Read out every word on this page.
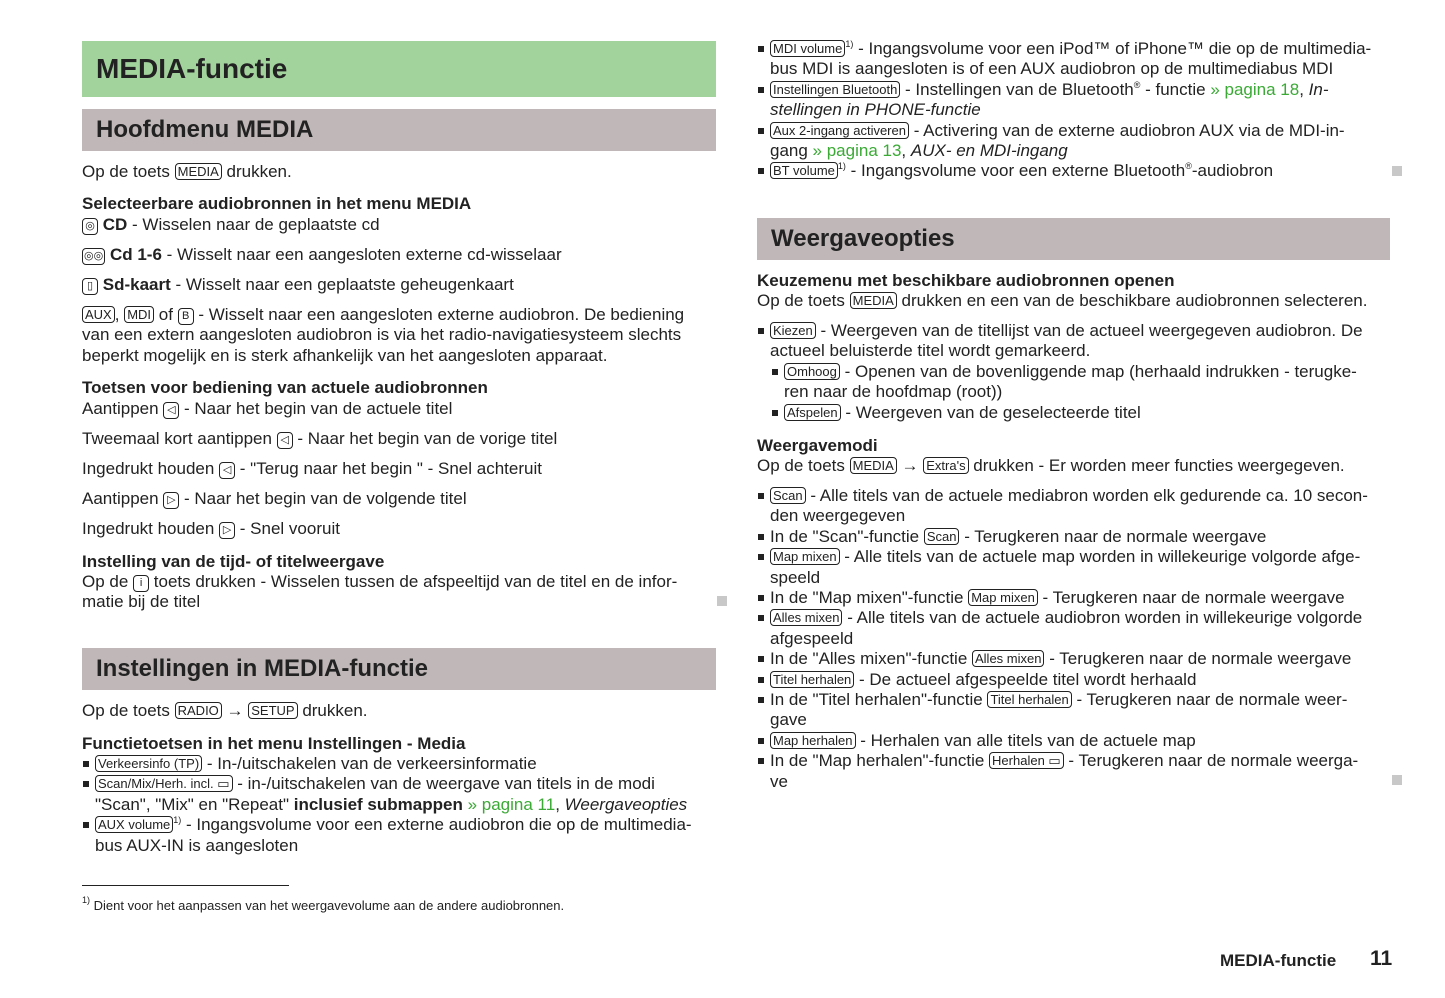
MEDIA-functie
Hoofdmenu MEDIA
Op de toets MEDIA drukken.
Selecteerbare audiobronnen in het menu MEDIA
◎ CD - Wisselen naar de geplaatste cd
◎◎ Cd 1-6 - Wisselt naar een aangesloten externe cd-wisselaar
▯ Sd-kaart - Wisselt naar een geplaatste geheugenkaart
AUX , MDI of B - Wisselt naar een aangesloten externe audiobron. De bediening
van een extern aangesloten audiobron is via het radio-navigatiesysteem slechts
beperkt mogelijk en is sterk afhankelijk van het aangesloten apparaat.
Toetsen voor bediening van actuele audiobronnen
Aantippen ◁ - Naar het begin van de actuele titel
Tweemaal kort aantippen ◁ - Naar het begin van de vorige titel
Ingedrukt houden ◁ - "Terug naar het begin " - Snel achteruit
Aantippen ▷ - Naar het begin van de volgende titel
Ingedrukt houden ▷ - Snel vooruit
Instelling van de tijd- of titelweergave
Op de i toets drukken - Wisselen tussen de afspeeltijd van de titel en de infor-
matie bij de titel
Instellingen in MEDIA-functie
Op de toets RADIO → SETUP drukken.
Functietoetsen in het menu Instellingen - Media
Verkeersinfo (TP) - In-/uitschakelen van de verkeersinformatie
Scan/Mix/Herh. incl. ▭ - in-/uitschakelen van de weergave van titels in de modi
"Scan", "Mix" en "Repeat" inclusief submappen » pagina 11, Weergaveopties
AUX volume $^{1)}$ - Ingangsvolume voor een externe audiobron die op de multimedia-
bus AUX-IN is aangesloten
$^{1)}$ Dient voor het aanpassen van het weergavevolume aan de andere audiobronnen.
MDI volume $^{1)}$ - Ingangsvolume voor een iPod™ of iPhone™ die op de multimedia-
bus MDI is aangesloten is of een AUX audiobron op de multimediabus MDI
Instellingen Bluetooth - Instellingen van de Bluetooth® - functie » pagina 18, In-
stellingen in PHONE-functie
Aux 2-ingang activeren - Activering van de externe audiobron AUX via de MDI-in-
gang » pagina 13, AUX- en MDI-ingang
BT volume $^{1)}$ - Ingangsvolume voor een externe Bluetooth®-audiobron
Weergaveopties
Keuzemenu met beschikbare audiobronnen openen
Op de toets MEDIA drukken en een van de beschikbare audiobronnen selecteren.
Kiezen - Weergeven van de titellijst van de actueel weergegeven audiobron. De
actueel beluisterde titel wordt gemarkeerd.
Omhoog - Openen van de bovenliggende map (herhaald indrukken - terugke-
ren naar de hoofdmap (root))
Afspelen - Weergeven van de geselecteerde titel
Weergavemodi
Op de toets MEDIA → Extra's drukken - Er worden meer functies weergegeven.
Scan - Alle titels van de actuele mediabron worden elk gedurende ca. 10 secon-
den weergegeven
In de "Scan"-functie Scan - Terugkeren naar de normale weergave
Map mixen - Alle titels van de actuele map worden in willekeurige volgorde afge-
speeld
In de "Map mixen"-functie Map mixen - Terugkeren naar de normale weergave
Alles mixen - Alle titels van de actuele audiobron worden in willekeurige volgorde
afgespeeld
In de "Alles mixen"-functie Alles mixen - Terugkeren naar de normale weergave
Titel herhalen - De actueel afgespeelde titel wordt herhaald
In de "Titel herhalen"-functie Titel herhalen - Terugkeren naar de normale weer-
gave
Map herhalen - Herhalen van alle titels van de actuele map
In de "Map herhalen"-functie Herhalen ▭ - Terugkeren naar de normale weerga-
ve
MEDIA-functie 11
